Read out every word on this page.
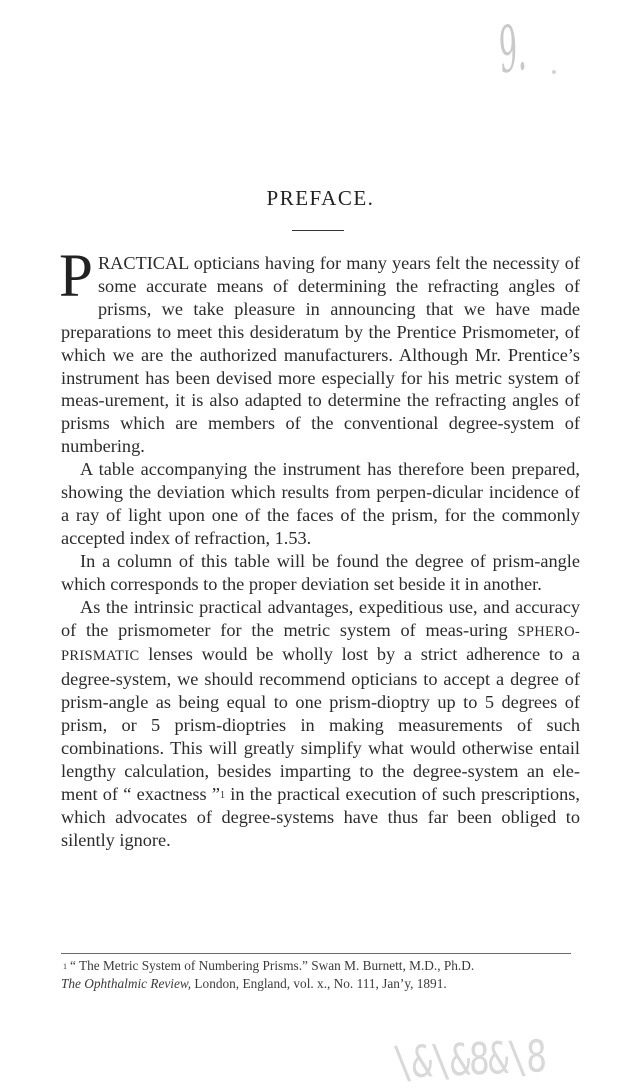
9.
PREFACE.

PRACTICAL opticians having for many years felt the necessity of some accurate means of determining the refracting angles of prisms, we take pleasure in announcing that we have made preparations to meet this desideratum by the Prentice Prismometer, of which we are the authorized manufacturers. Although Mr. Prentice’s instrument has been devised more especially for his metric system of meas-urement, it is also adapted to determine the refracting angles of prisms which are members of the conventional degree-system of numbering.

A table accompanying the instrument has therefore been prepared, showing the deviation which results from perpen-dicular incidence of a ray of light upon one of the faces of the prism, for the commonly accepted index of refraction, 1.53.

In a column of this table will be found the degree of prism-angle which corresponds to the proper deviation set beside it in another.

As the intrinsic practical advantages, expeditious use, and accuracy of the prismometer for the metric system of meas-uring SPHERO-PRISMATIC lenses would be wholly lost by a strict adherence to a degree-system, we should recommend opticians to accept a degree of prism-angle as being equal to one prism-dioptry up to 5 degrees of prism, or 5 prism-dioptries in making measurements of such combinations. This will greatly simplify what would otherwise entail lengthy calculation, besides imparting to the degree-system an ele-ment of “ exactness ”$^1$ in the practical execution of such prescriptions, which advocates of degree-systems have thus far been obliged to silently ignore.

$^1$ “ The Metric System of Numbering Prisms.” Swan M. Burnett, M.D., Ph.D.
The Ophthalmic Review, London, England, vol. x., No. 111, Jan’y, 1891.
\&\&8&\8
